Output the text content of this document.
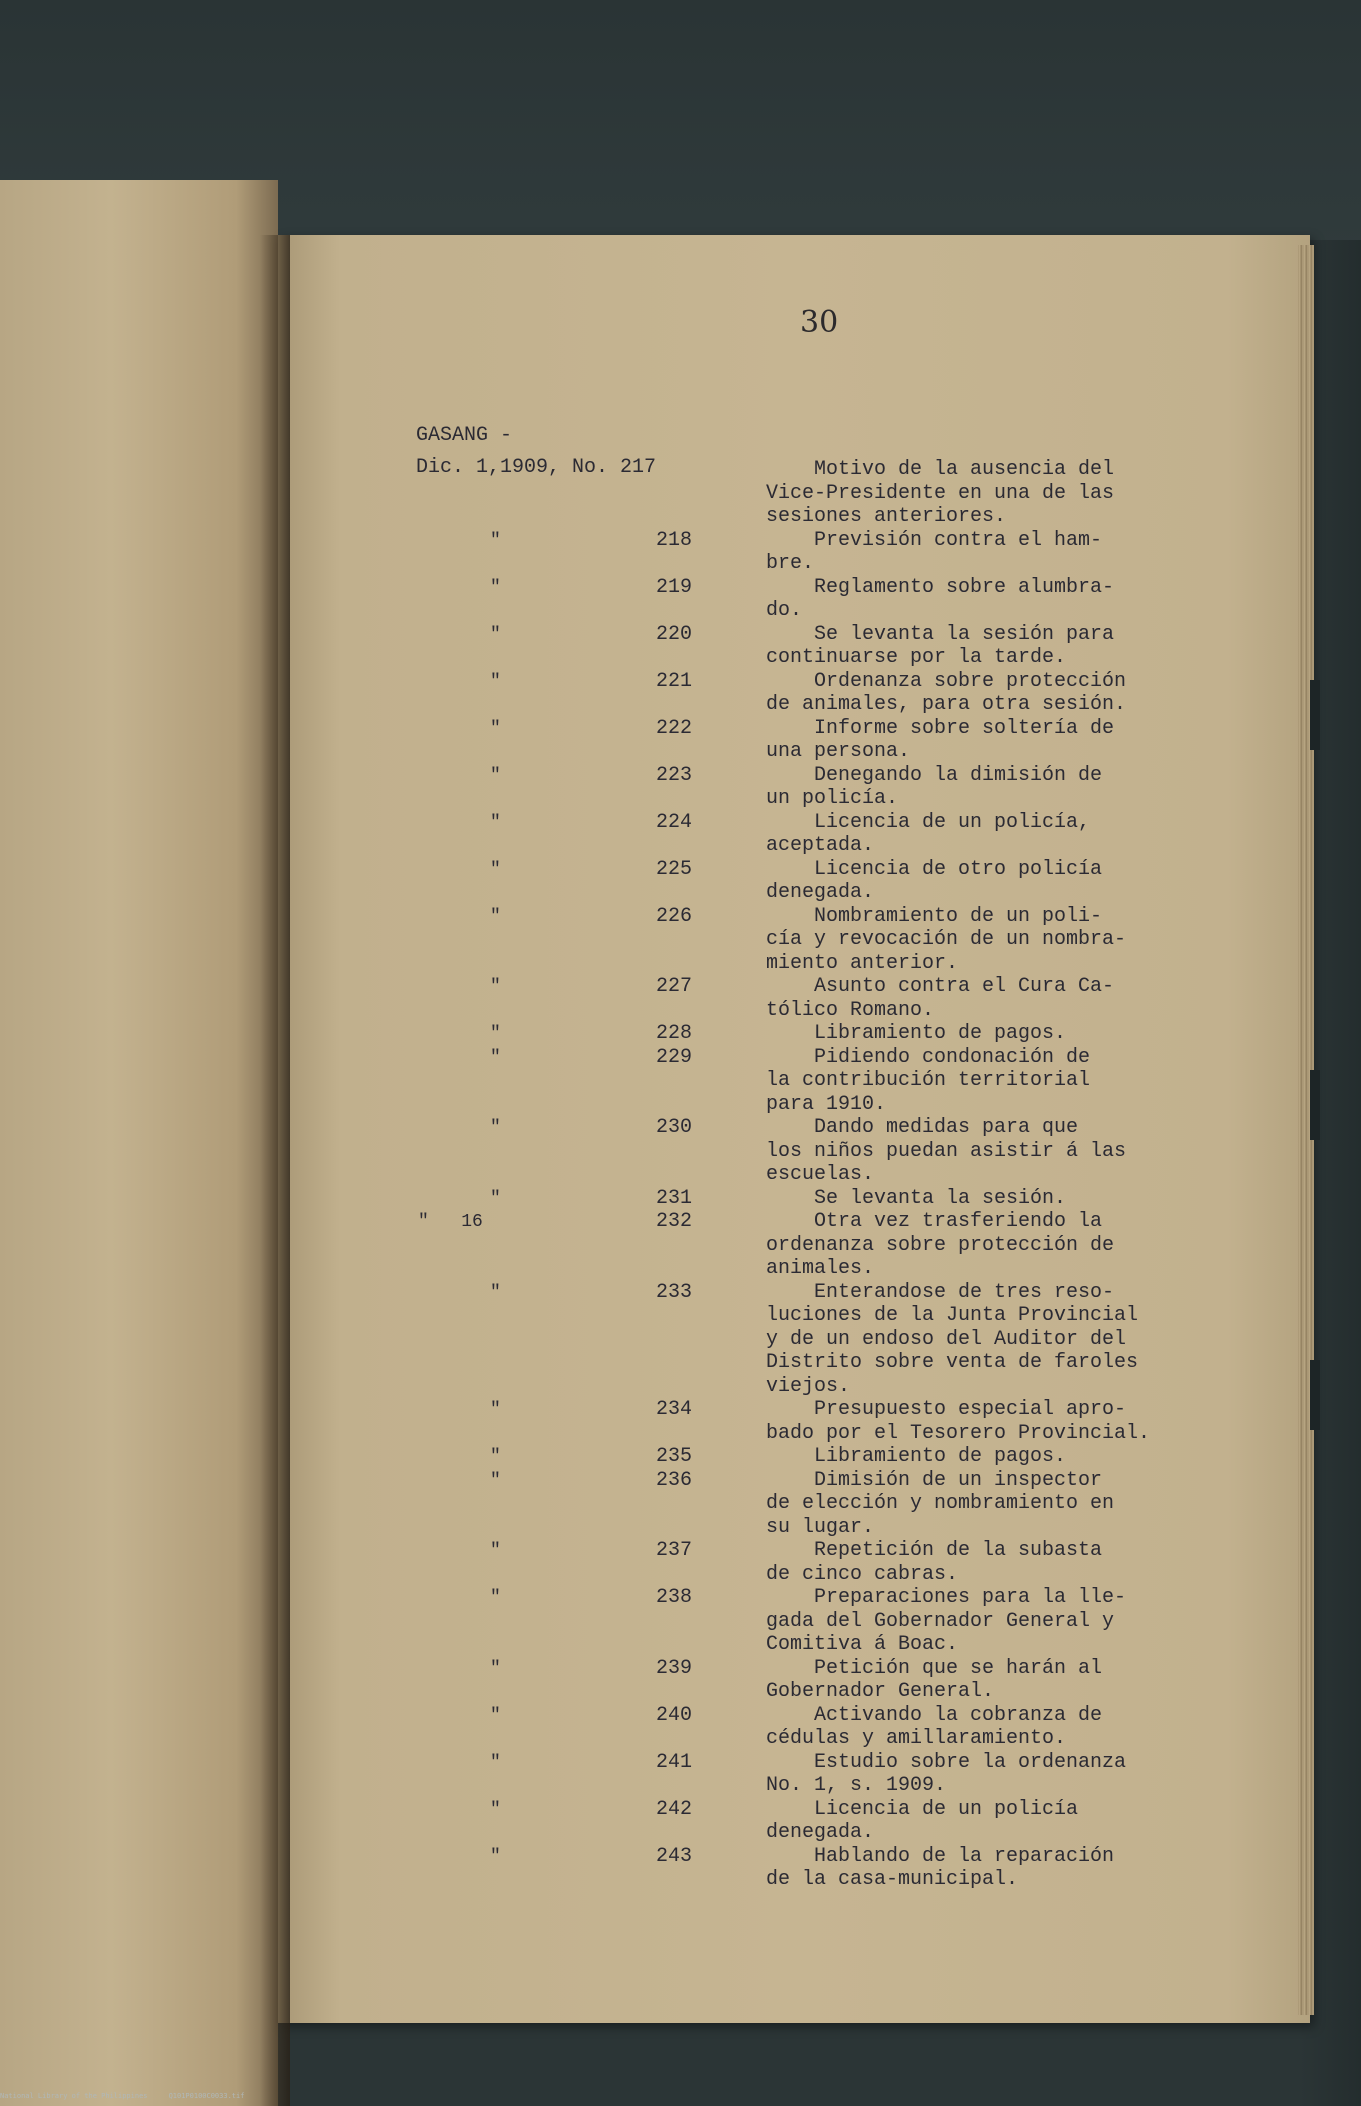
30
GASANG -
Dic. 1,1909, No. 217	Motivo de la ausencia del
Vice-Presidente en una de las
sesiones anteriores.
"	218	Previsión contra el ham-
bre.
"	219	Reglamento sobre alumbra-
do.
"	220	Se levanta la sesión para
continuarse por la tarde.
"	221	Ordenanza sobre protección
de animales, para otra sesión.
"	222	Informe sobre soltería de
una persona.
"	223	Denegando la dimisión de
un policía.
"	224	Licencia de un policía,
aceptada.
"	225	Licencia de otro policía
denegada.
"	226	Nombramiento de un poli-
cía y revocación de un nombra-
miento anterior.
"	227	Asunto contra el Cura Ca-
tólico Romano.
"	228	Libramiento de pagos.
"	229	Pidiendo condonación de
la contribución territorial
para 1910.
"	230	Dando medidas para que
los niños puedan asistir á las
escuelas.
"	231	Se levanta la sesión.
"   16	232	Otra vez trasferiendo la
ordenanza sobre protección de
animales.
"	233	Enterandose de tres reso-
luciones de la Junta Provincial
y de un endoso del Auditor del
Distrito sobre venta de faroles
viejos.
"	234	Presupuesto especial apro-
bado por el Tesorero Provincial.
"	235	Libramiento de pagos.
"	236	Dimisión de un inspector
de elección y nombramiento en
su lugar.
"	237	Repetición de la subasta
de cinco cabras.
"	238	Preparaciones para la lle-
gada del Gobernador General y
Comitiva á Boac.
"	239	Petición que se harán al
Gobernador General.
"	240	Activando la cobranza de
cédulas y amillaramiento.
"	241	Estudio sobre la ordenanza
No. 1, s. 1909.
"	242	Licencia de un policía
denegada.
"	243	Hablando de la reparación
de la casa-municipal.
National Library of the Philippines     Q101P0100C0033.tif
